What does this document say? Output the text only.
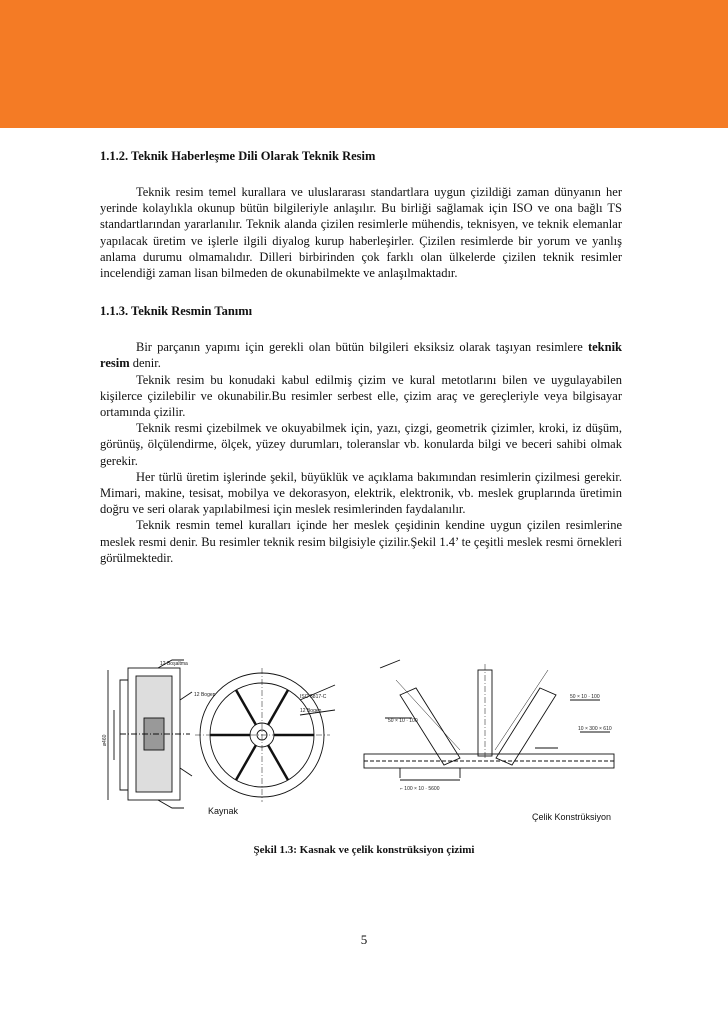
1.1.2. Teknik Haberleşme Dili Olarak Teknik Resim

Teknik resim temel kurallara ve uluslararası standartlara uygun çizildiği zaman dünyanın her yerinde kolaylıkla okunup bütün bilgileriyle anlaşılır. Bu birliği sağlamak için ISO ve ona bağlı TS standartlarından yararlanılır. Teknik alanda çizilen resimlerle mühendis, teknisyen, ve teknik elemanlar yapılacak üretim ve işlerle ilgili diyalog kurup haberleşirler. Çizilen resimlerde bir yorum ve yanlış anlama durumu olmamalıdır. Dilleri birbirinden çok farklı olan ülkelerde çizilen teknik resimler incelendiği zaman lisan bilmeden de okunabilmekte ve anlaşılmaktadır.

1.1.3. Teknik Resmin Tanımı

Bir parçanın yapımı için gerekli olan bütün bilgileri eksiksiz olarak taşıyan resimlere teknik resim denir.

Teknik resim bu konudaki kabul edilmiş çizim ve kural metotlarını bilen ve uygulayabilen kişilerce çizilebilir ve okunabilir.Bu resimler serbest elle, çizim araç ve gereçleriyle veya bilgisayar ortamında çizilir.

Teknik resmi çizebilmek ve okuyabilmek için, yazı, çizgi, geometrik çizimler, kroki, iz düşüm, görünüş, ölçülendirme, ölçek, yüzey durumları, toleranslar vb. konularda bilgi ve beceri sahibi olmak gerekir.

Her türlü üretim işlerinde şekil, büyüklük ve açıklama bakımından resimlerin çizilmesi gerekir. Mimari, makine, tesisat, mobilya ve dekorasyon, elektrik, elektronik, vb. meslek gruplarında üretimin doğru ve seri olarak yapılabilmesi için meslek resimlerinden faydalanılır.

Teknik resmin temel kuralları içinde her meslek çeşidinin kendine uygun çizilen resimlerine meslek resmi denir. Bu resimler teknik resim bilgisiyle çizilir.Şekil 1.4’ te çeşitli meslek resmi örnekleri görülmektedir.

ø460
12 Boşaltma
12 Bogen	ISO 5817-C
12 Bogen
50 × 10 · 100
50 × 10 · 100
10 × 300 × 610
⌐ 100 × 10 · 5600
Kaynak
Çelik Konstrüksiyon
Şekil 1.3: Kasnak ve çelik konstrüksiyon çizimi
5
